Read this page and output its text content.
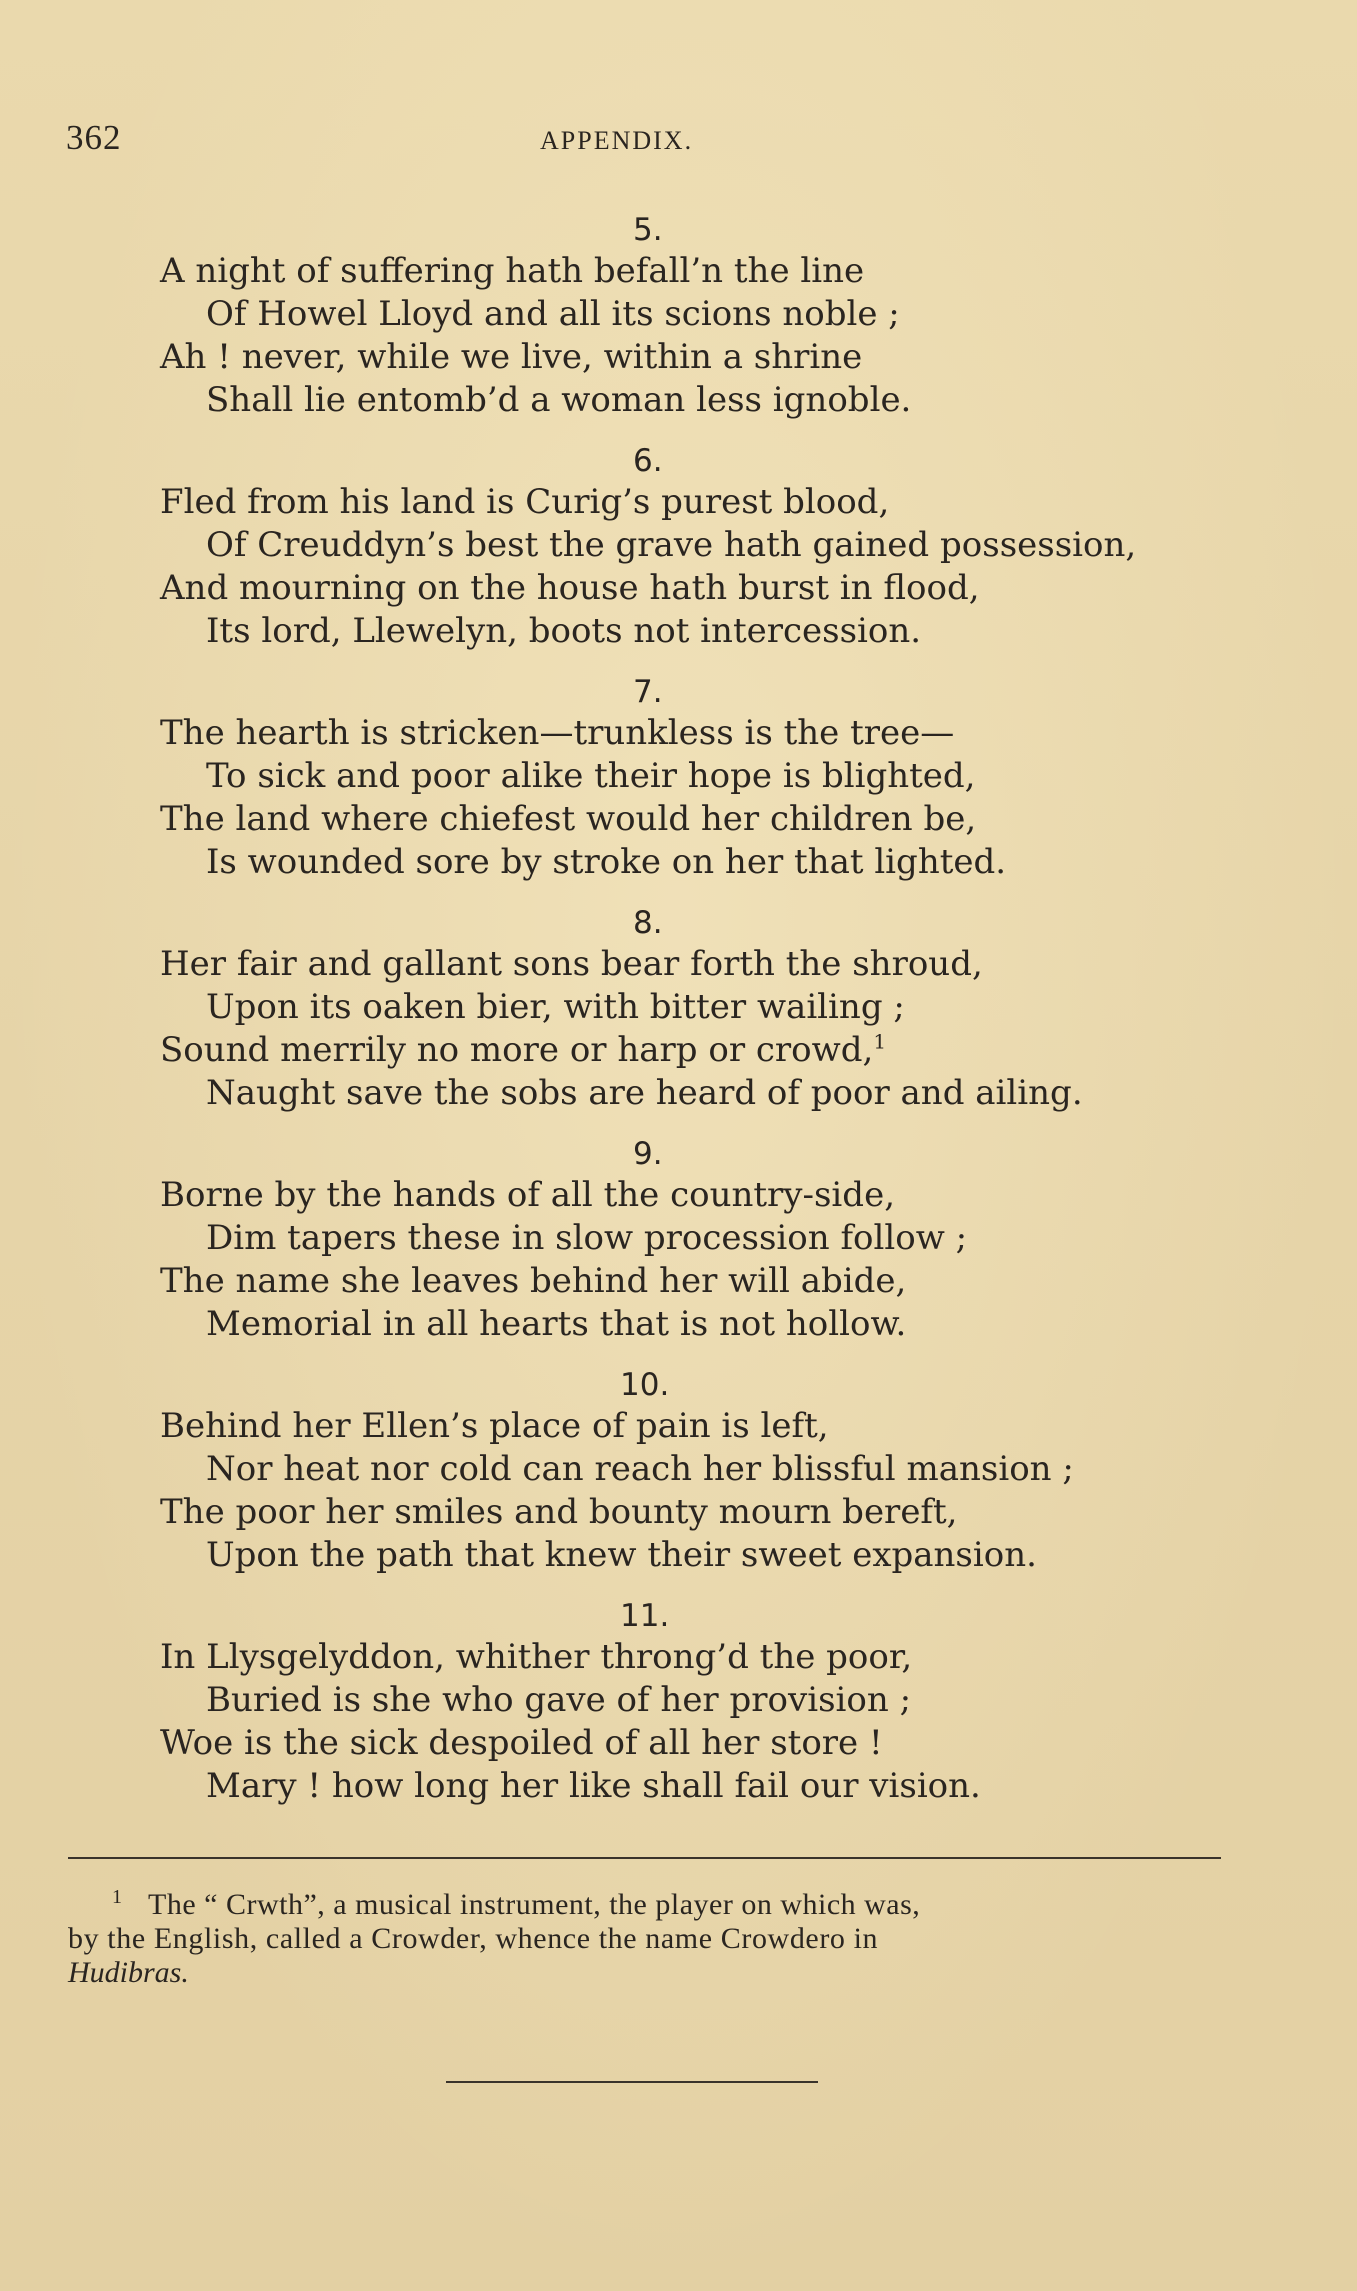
362	APPENDIX.
5.
A night of suffering hath befall’n the line
Of Howel Lloyd and all its scions noble ;
Ah ! never, while we live, within a shrine
Shall lie entomb’d a woman less ignoble.
6.
Fled from his land is Curig’s purest blood,
Of Creuddyn’s best the grave hath gained possession,
And mourning on the house hath burst in flood,
Its lord, Llewelyn, boots not intercession.
7.
The hearth is stricken—trunkless is the tree—
To sick and poor alike their hope is blighted,
The land where chiefest would her children be,
Is wounded sore by stroke on her that lighted.
8.
Her fair and gallant sons bear forth the shroud,
Upon its oaken bier, with bitter wailing ;
Sound merrily no more or harp or crowd,$^1$
Naught save the sobs are heard of poor and ailing.
9.
Borne by the hands of all the country-side,
Dim tapers these in slow procession follow ;
The name she leaves behind her will abide,
Memorial in all hearts that is not hollow.
10.
Behind her Ellen’s place of pain is left,
Nor heat nor cold can reach her blissful mansion ;
The poor her smiles and bounty mourn bereft,
Upon the path that knew their sweet expansion.
11.
In Llysgelyddon, whither throng’d the poor,
Buried is she who gave of her provision ;
Woe is the sick despoiled of all her store !
Mary ! how long her like shall fail our vision.
1 The “ Crwth”, a musical instrument, the player on which was,
by the English, called a Crowder, whence the name Crowdero in
Hudibras.
